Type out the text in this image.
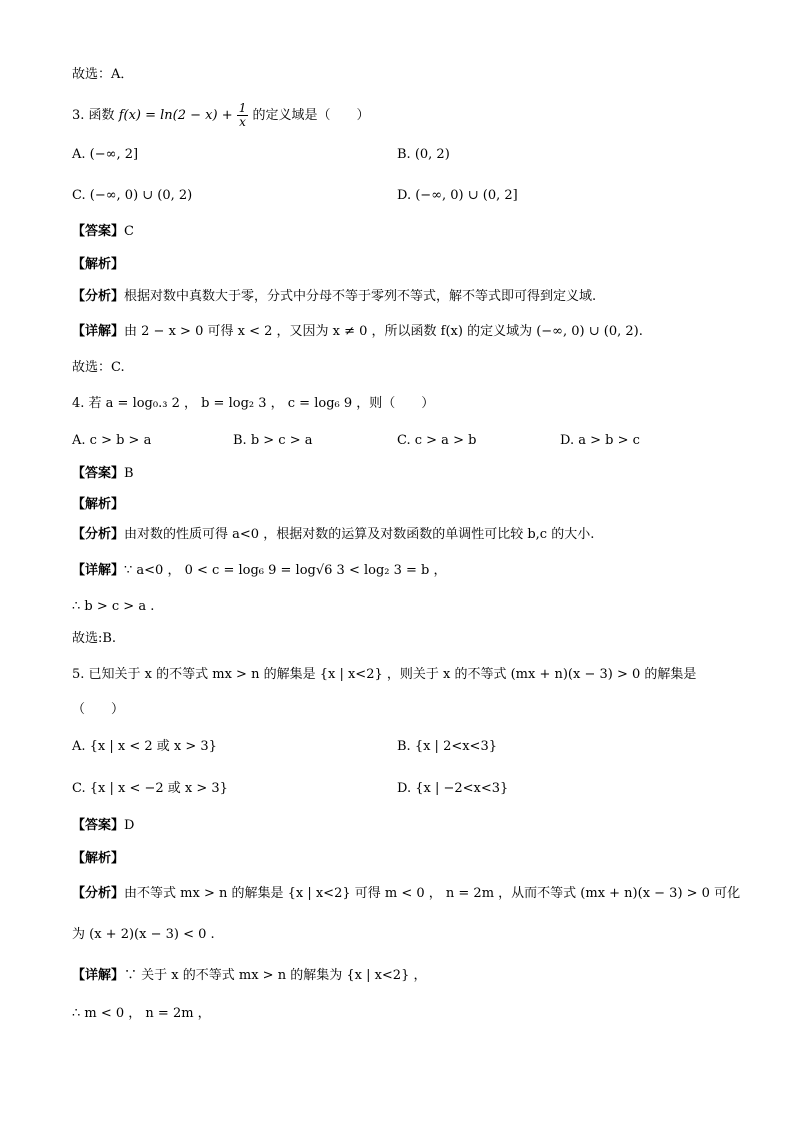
故选：A．
3. 函数 $f(x) = \ln(2 - x) + \frac{1}{x}$ 的定义域是（　　）
A. (−∞, 2]	B. (0, 2)
C. (−∞, 0) ∪ (0, 2)	D. (−∞, 0) ∪ (0, 2]
【答案】C
【解析】
【分析】根据对数中真数大于零，分式中分母不等于零列不等式，解不等式即可得到定义域.
【详解】由 2 − x > 0 可得 x < 2 ，又因为 x ≠ 0 ，所以函数 f(x) 的定义域为 (−∞, 0) ∪ (0, 2).
故选：C.
4. 若 a = log₀.₃ 2 ， b = log₂ 3 ， c = log₆ 9 ，则（　　）
A. c > b > a	B. b > c > a	C. c > a > b	D. a > b > c
【答案】B
【解析】
【分析】由对数的性质可得 a<0 ，根据对数的运算及对数函数的单调性可比较 b,c 的大小.
【详解】∵ a<0 ， 0 < c = log₆ 9 = log√6 3 < log₂ 3 = b ，
∴ b > c > a .
故选:B.
5. 已知关于 x 的不等式 mx > n 的解集是 {x | x<2} ，则关于 x 的不等式 (mx + n)(x − 3) > 0 的解集是
（　　）
A. {x | x < 2 或 x > 3}	B. {x | 2<x<3}
C. {x | x < −2 或 x > 3}	D. {x | −2<x<3}
【答案】D
【解析】
【分析】由不等式 mx > n 的解集是 {x | x<2} 可得 m < 0 ， n = 2m ，从而不等式 (mx + n)(x − 3) > 0 可化
为 (x + 2)(x − 3) < 0 .
【详解】∵ 关于 x 的不等式 mx > n 的解集为 {x | x<2} ，
∴ m < 0 ， n = 2m ，
